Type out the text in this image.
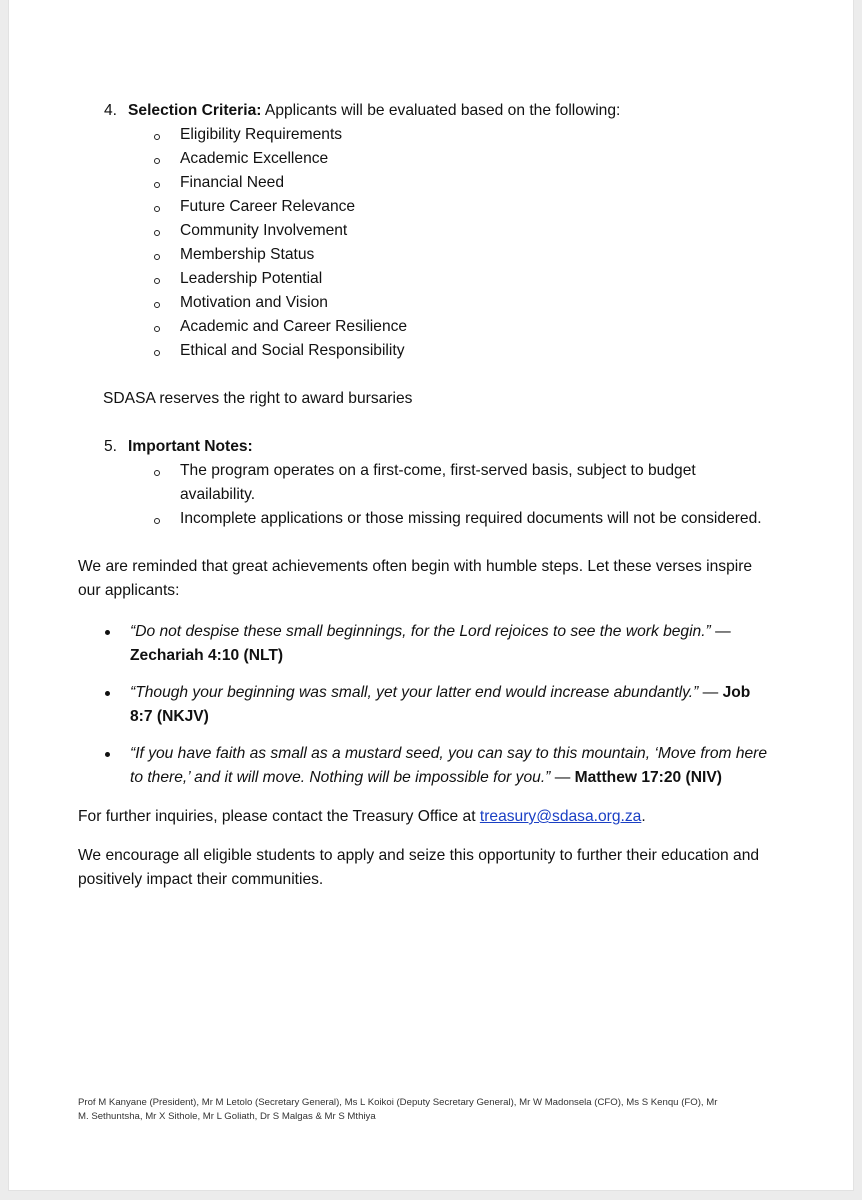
4. Selection Criteria: Applicants will be evaluated based on the following:
Eligibility Requirements
Academic Excellence
Financial Need
Future Career Relevance
Community Involvement
Membership Status
Leadership Potential
Motivation and Vision
Academic and Career Resilience
Ethical and Social Responsibility
SDASA reserves the right to award bursaries
5. Important Notes:
The program operates on a first-come, first-served basis, subject to budget
availability.
Incomplete applications or those missing required documents will not be considered.
We are reminded that great achievements often begin with humble steps. Let these verses inspire
our applicants:
“Do not despise these small beginnings, for the Lord rejoices to see the work begin.” —
Zechariah 4:10 (NLT)
“Though your beginning was small, yet your latter end would increase abundantly.” — Job
8:7 (NKJV)
“If you have faith as small as a mustard seed, you can say to this mountain, ‘Move from here
to there,’ and it will move. Nothing will be impossible for you.” — Matthew 17:20 (NIV)
For further inquiries, please contact the Treasury Office at treasury@sdasa.org.za.
We encourage all eligible students to apply and seize this opportunity to further their education and
positively impact their communities.
Prof M Kanyane (President), Mr M Letolo (Secretary General), Ms L Koikoi (Deputy Secretary General), Mr W Madonsela (CFO), Ms S Kenqu (FO), Mr
M. Sethuntsha, Mr X Sithole, Mr L Goliath, Dr S Malgas & Mr S Mthiya
